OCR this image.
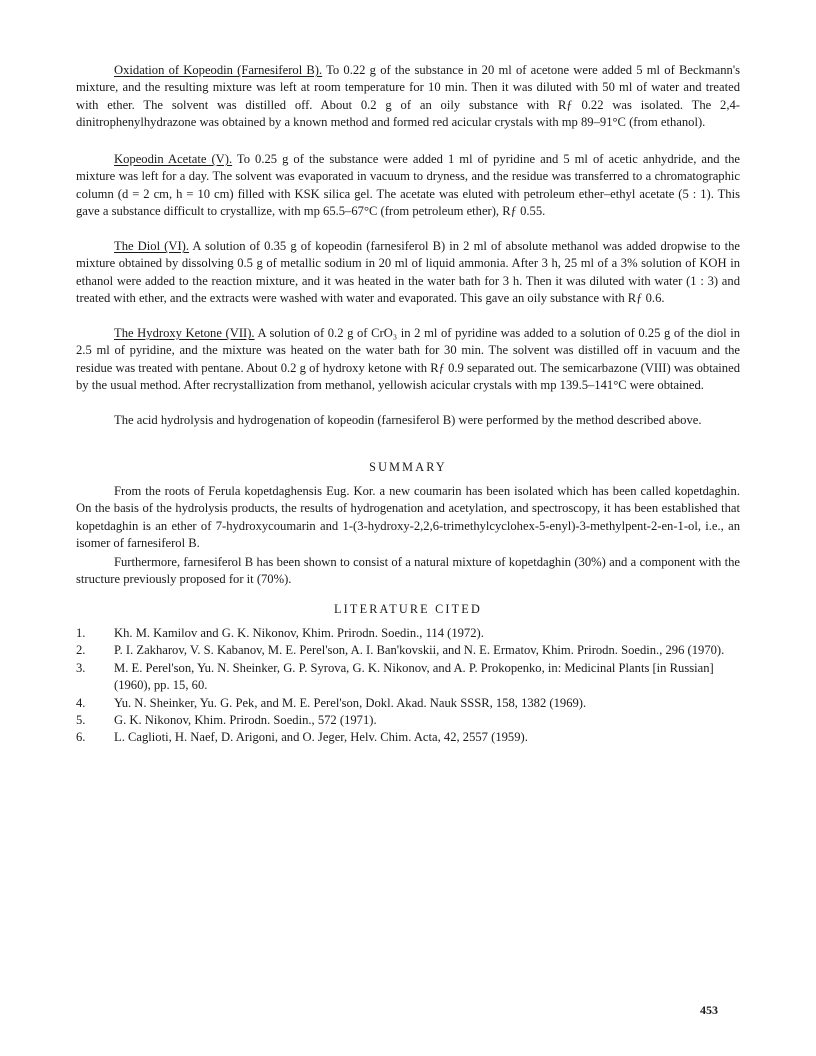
Oxidation of Kopeodin (Farnesiferol B). To 0.22 g of the substance in 20 ml of acetone were added 5 ml of Beckmann's mixture, and the resulting mixture was left at room temperature for 10 min. Then it was diluted with 50 ml of water and treated with ether. The solvent was distilled off. About 0.2 g of an oily substance with Rƒ 0.22 was isolated. The 2,4-dinitrophenylhydrazone was obtained by a known method and formed red acicular crystals with mp 89–91°C (from ethanol).

Kopeodin Acetate (V). To 0.25 g of the substance were added 1 ml of pyridine and 5 ml of acetic anhydride, and the mixture was left for a day. The solvent was evaporated in vacuum to dryness, and the residue was transferred to a chromatographic column (d = 2 cm, h = 10 cm) filled with KSK silica gel. The acetate was eluted with petroleum ether–ethyl acetate (5 : 1). This gave a substance difficult to crystallize, with mp 65.5–67°C (from petroleum ether), Rƒ 0.55.

The Diol (VI). A solution of 0.35 g of kopeodin (farnesiferol B) in 2 ml of absolute methanol was added dropwise to the mixture obtained by dissolving 0.5 g of metallic sodium in 20 ml of liquid ammonia. After 3 h, 25 ml of a 3% solution of KOH in ethanol were added to the reaction mixture, and it was heated in the water bath for 3 h. Then it was diluted with water (1 : 3) and treated with ether, and the extracts were washed with water and evaporated. This gave an oily substance with Rƒ 0.6.

The Hydroxy Ketone (VII). A solution of 0.2 g of CrO₃ in 2 ml of pyridine was added to a solution of 0.25 g of the diol in 2.5 ml of pyridine, and the mixture was heated on the water bath for 30 min. The solvent was distilled off in vacuum and the residue was treated with pentane. About 0.2 g of hydroxy ketone with Rƒ 0.9 separated out. The semicarbazone (VIII) was obtained by the usual method. After recrystallization from methanol, yellowish acicular crystals with mp 139.5–141°C were obtained.

The acid hydrolysis and hydrogenation of kopeodin (farnesiferol B) were performed by the method described above.

SUMMARY

From the roots of Ferula kopetdaghensis Eug. Kor. a new coumarin has been isolated which has been called kopetdaghin. On the basis of the hydrolysis products, the results of hydrogenation and acetylation, and spectroscopy, it has been established that kopetdaghin is an ether of 7-hydroxycoumarin and 1-(3-hydroxy-2,2,6-trimethylcyclohex-5-enyl)-3-methylpent-2-en-1-ol, i.e., an isomer of farnesiferol B.

Furthermore, farnesiferol B has been shown to consist of a natural mixture of kopetdaghin (30%) and a component with the structure previously proposed for it (70%).

LITERATURE CITED
1. Kh. M. Kamilov and G. K. Nikonov, Khim. Prirodn. Soedin., 114 (1972).
2. P. I. Zakharov, V. S. Kabanov, M. E. Perel'son, A. I. Ban'kovskii, and N. E. Ermatov, Khim. Prirodn. Soedin., 296 (1970).
3. M. E. Perel'son, Yu. N. Sheinker, G. P. Syrova, G. K. Nikonov, and A. P. Prokopenko, in: Medicinal Plants [in Russian] (1960), pp. 15, 60.
4. Yu. N. Sheinker, Yu. G. Pek, and M. E. Perel'son, Dokl. Akad. Nauk SSSR, 158, 1382 (1969).
5. G. K. Nikonov, Khim. Prirodn. Soedin., 572 (1971).
6. L. Caglioti, H. Naef, D. Arigoni, and O. Jeger, Helv. Chim. Acta, 42, 2557 (1959).
453
